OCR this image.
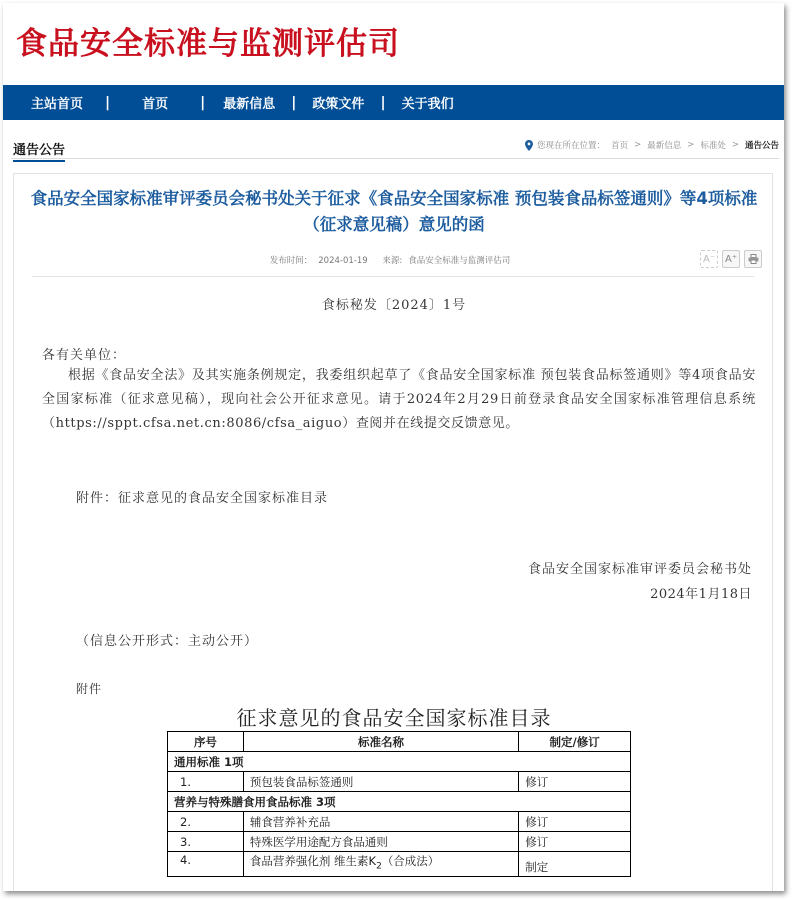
食品安全标准与监测评估司
主站首页 | 首页 | 最新信息 | 政策文件 | 关于我们
通告公告	您现在所在位置： 首页 > 最新信息 > 标准处 > 通告公告
食品安全国家标准审评委员会秘书处关于征求《食品安全国家标准 预包装食品标签通则》等4项标准（征求意见稿）意见的函
发布时间： 2024-01-19 来源: 食品安全标准与监测评估司	A⁻ A⁺
食标秘发〔2024〕1号
各有关单位：

根据《食品安全法》及其实施条例规定，我委组织起草了《食品安全国家标准 预包装食品标签通则》等4项食品安全国家标准（征求意见稿），现向社会公开征求意见。请于2024年2月29日前登录食品安全国家标准管理信息系统（https://sppt.cfsa.net.cn:8086/cfsa_aiguo）查阅并在线提交反馈意见。

附件：征求意见的食品安全国家标准目录
食品安全国家标准审评委员会秘书处
2024年1月18日
（信息公开形式：主动公开）
附件
征求意见的食品安全国家标准目录
序号	标准名称	制定/修订
通用标准 1项		
1.	预包装食品标签通则	修订
营养与特殊膳食用食品标准 3项		
2.	辅食营养补充品	修订
3.	特殊医学用途配方食品通则	修订
4.	食品营养强化剂 维生素$K_2$（合成法）	制定
